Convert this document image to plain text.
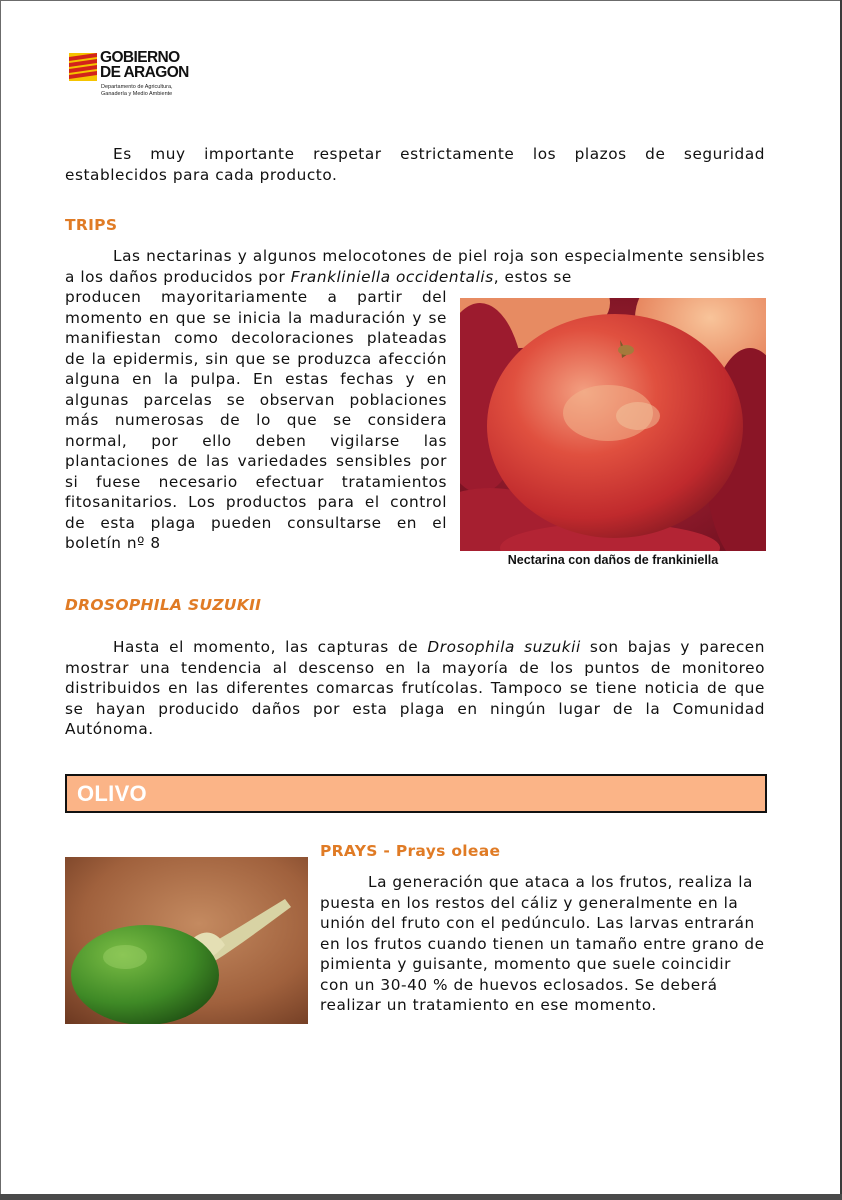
GOBIERNO
DE ARAGON
Departamento de Agricultura,
Ganadería y Medio Ambiente

Es muy importante respetar estrictamente los plazos de seguridad establecidos para cada producto.

TRIPS

Las nectarinas y algunos melocotones de piel roja son especialmente sensibles a los daños producidos por Frankliniella occidentalis, estos se

producen mayoritariamente a partir del momento en que se inicia la maduración y se manifiestan como decoloraciones plateadas de la epidermis, sin que se produzca afección alguna en la pulpa. En estas fechas y en algunas parcelas se observan poblaciones más numerosas de lo que se considera normal, por ello deben vigilarse las plantaciones de las variedades sensibles por si fuese necesario efectuar tratamientos fitosanitarios. Los productos para el control de esta plaga pueden consultarse en el boletín nº 8

Nectarina con daños de frankiniella
DROSOPHILA SUZUKII

Hasta el momento, las capturas de Drosophila suzukii son bajas y parecen mostrar una tendencia al descenso en la mayoría de los puntos de monitoreo distribuidos en las diferentes comarcas frutícolas. Tampoco se tiene noticia de que se hayan producido daños por esta plaga en ningún lugar de la Comunidad Autónoma.

OLIVO
PRAYS - Prays oleae

La generación que ataca a los frutos, realiza la puesta en los restos del cáliz y generalmente en la unión del fruto con el pedúnculo. Las larvas entrarán en los frutos cuando tienen un tamaño entre grano de pimienta y guisante, momento que suele coincidir con un 30-40 % de huevos eclosados. Se deberá realizar un tratamiento en ese momento.
